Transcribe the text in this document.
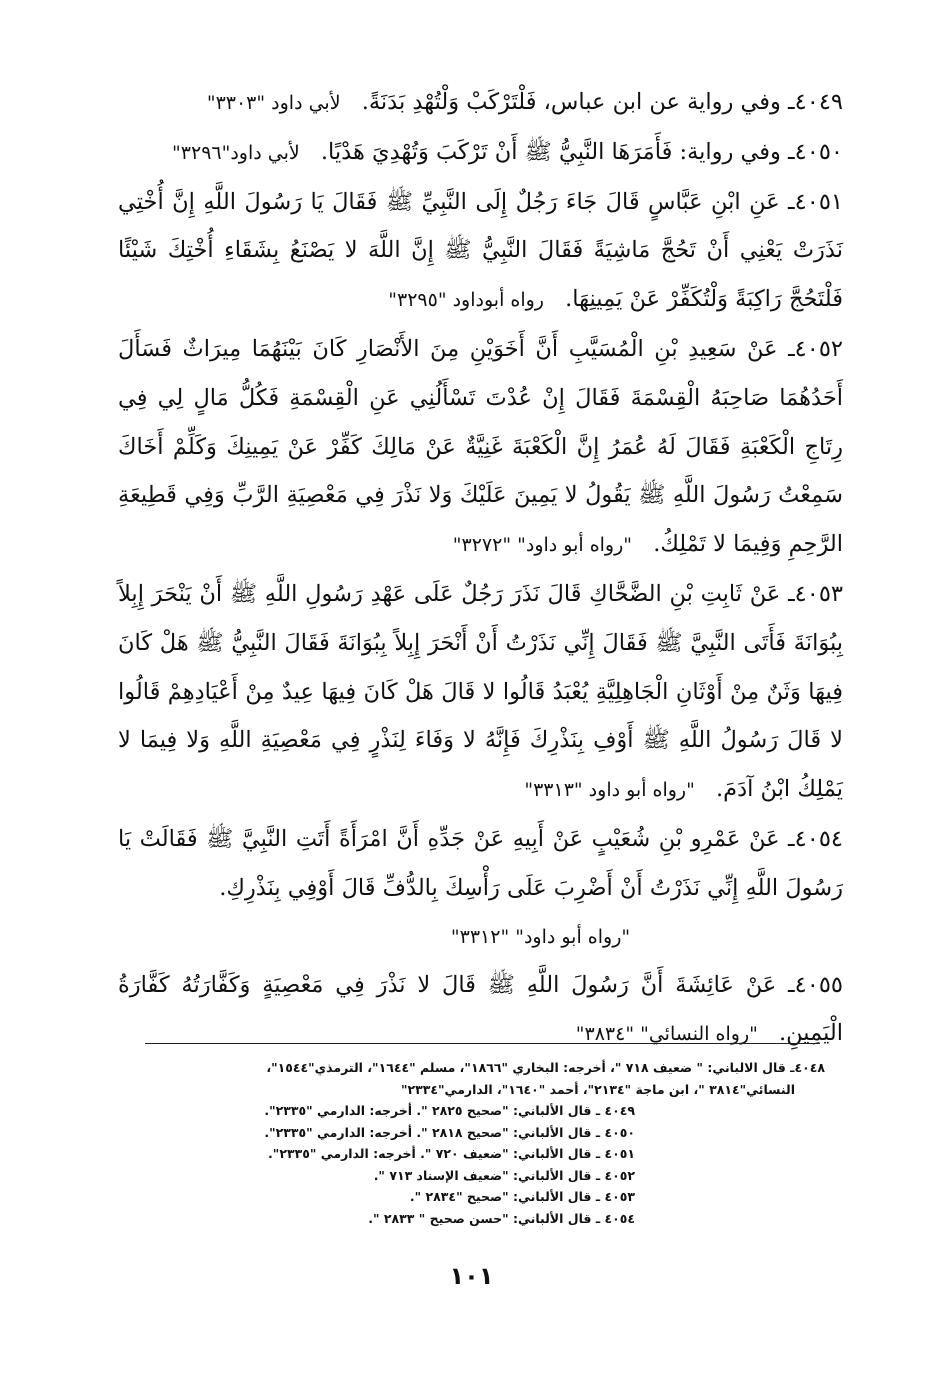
٤٠٤٩ـ وفي رواية عن ابن عباس، فَلْتَرْكَبْ وَلْتُهْدِ بَدَنَةً. لأبي داود "٣٣٠٣"

٤٠٥٠ـ وفي رواية: فَأَمَرَهَا النَّبِيُّ ﷺ أَنْ تَرْكَبَ وَتُهْدِيَ هَدْيًا. لأبي داود"٣٢٩٦"

٤٠٥١ـ عَنِ ابْنِ عَبَّاسٍ قَالَ جَاءَ رَجُلٌ إِلَى النَّبِيِّ ﷺ فَقَالَ يَا رَسُولَ اللَّهِ إِنَّ أُخْتِي نَذَرَتْ يَعْنِي أَنْ تَحُجَّ مَاشِيَةً فَقَالَ النَّبِيُّ ﷺ إِنَّ اللَّهَ لا يَصْنَعُ بِشَقَاءِ أُخْتِكَ شَيْئًا فَلْتَحُجَّ رَاكِبَةً وَلْتُكَفِّرْ عَنْ يَمِينِهَا. رواه أبوداود "٣٢٩٥"

٤٠٥٢ـ عَنْ سَعِيدِ بْنِ الْمُسَيَّبِ أَنَّ أَخَوَيْنِ مِنَ الأَنْصَارِ كَانَ بَيْنَهُمَا مِيرَاثٌ فَسَأَلَ أَحَدُهُمَا صَاحِبَهُ الْقِسْمَةَ فَقَالَ إِنْ عُدْتَ تَسْأَلُنِي عَنِ الْقِسْمَةِ فَكُلُّ مَالٍ لِي فِي رِتَاجِ الْكَعْبَةِ فَقَالَ لَهُ عُمَرُ إِنَّ الْكَعْبَةَ غَنِيَّةٌ عَنْ مَالِكَ كَفِّرْ عَنْ يَمِينِكَ وَكَلِّمْ أَخَاكَ سَمِعْتُ رَسُولَ اللَّهِ ﷺ يَقُولُ لا يَمِينَ عَلَيْكَ وَلا نَذْرَ فِي مَعْصِيَةِ الرَّبِّ وَفِي قَطِيعَةِ الرَّحِمِ وَفِيمَا لا تَمْلِكُ. "رواه أبو داود" "٣٢٧٢"

٤٠٥٣ـ عَنْ ثَابِتِ بْنِ الضَّحَّاكِ قَالَ نَذَرَ رَجُلٌ عَلَى عَهْدِ رَسُولِ اللَّهِ ﷺ أَنْ يَنْحَرَ إِبِلاً بِبُوَانَةَ فَأَتَى النَّبِيَّ ﷺ فَقَالَ إِنِّي نَذَرْتُ أَنْ أَنْحَرَ إِبِلاً بِبُوَانَةَ فَقَالَ النَّبِيُّ ﷺ هَلْ كَانَ فِيهَا وَثَنٌ مِنْ أَوْثَانِ الْجَاهِلِيَّةِ يُعْبَدُ قَالُوا لا قَالَ هَلْ كَانَ فِيهَا عِيدٌ مِنْ أَعْيَادِهِمْ قَالُوا لا قَالَ رَسُولُ اللَّهِ ﷺ أَوْفِ بِنَذْرِكَ فَإِنَّهُ لا وَفَاءَ لِنَذْرٍ فِي مَعْصِيَةِ اللَّهِ وَلا فِيمَا لا يَمْلِكُ ابْنُ آدَمَ. "رواه أبو داود "٣٣١٣"

٤٠٥٤ـ عَنْ عَمْرِو بْنِ شُعَيْبٍ عَنْ أَبِيهِ عَنْ جَدِّهِ أَنَّ امْرَأَةً أَتَتِ النَّبِيَّ ﷺ فَقَالَتْ يَا رَسُولَ اللَّهِ إِنِّي نَذَرْتُ أَنْ أَضْرِبَ عَلَى رَأْسِكَ بِالدُّفِّ قَالَ أَوْفِي بِنَذْرِكِ.

"رواه أبو داود" "٣٣١٢"

٤٠٥٥ـ عَنْ عَائِشَةَ أَنَّ رَسُولَ اللَّهِ ﷺ قَالَ لا نَذْرَ فِي مَعْصِيَةٍ وَكَفَّارَتُهُ كَفَّارَةُ الْيَمِينِ. "رواه النسائي" "٣٨٣٤"

٤٠٤٨ـ قال الالباني: " ضعيف ٧١٨ "، أخرجه: البخاري "١٨٦٦"، مسلم "١٦٤٤"، الترمذي"١٥٤٤"،

النسائي"٣٨١٤ "، ابن ماجة "٢١٣٤"، أحمد "١٦٤٠"، الدارمي"٢٣٣٤"

٤٠٤٩ ـ قال الألباني: "صحيح ٢٨٢٥ ". أخرجه: الدارمي "٢٣٣٥".

٤٠٥٠ ـ قال الألباني: "صحيح ٢٨١٨ ". أخرجه: الدارمي "٢٣٣٥".

٤٠٥١ ـ قال الألباني: "ضعيف ٧٢٠ ". أخرجه: الدارمي "٢٣٣٥".

٤٠٥٢ ـ قال الألباني: "ضعيف الإسناد ٧١٣ ".

٤٠٥٣ ـ قال الألباني: "صحيح "٢٨٣٤ ".

٤٠٥٤ ـ قال الألباني: "حسن صحيح " ٢٨٣٣ ".

١٠١
